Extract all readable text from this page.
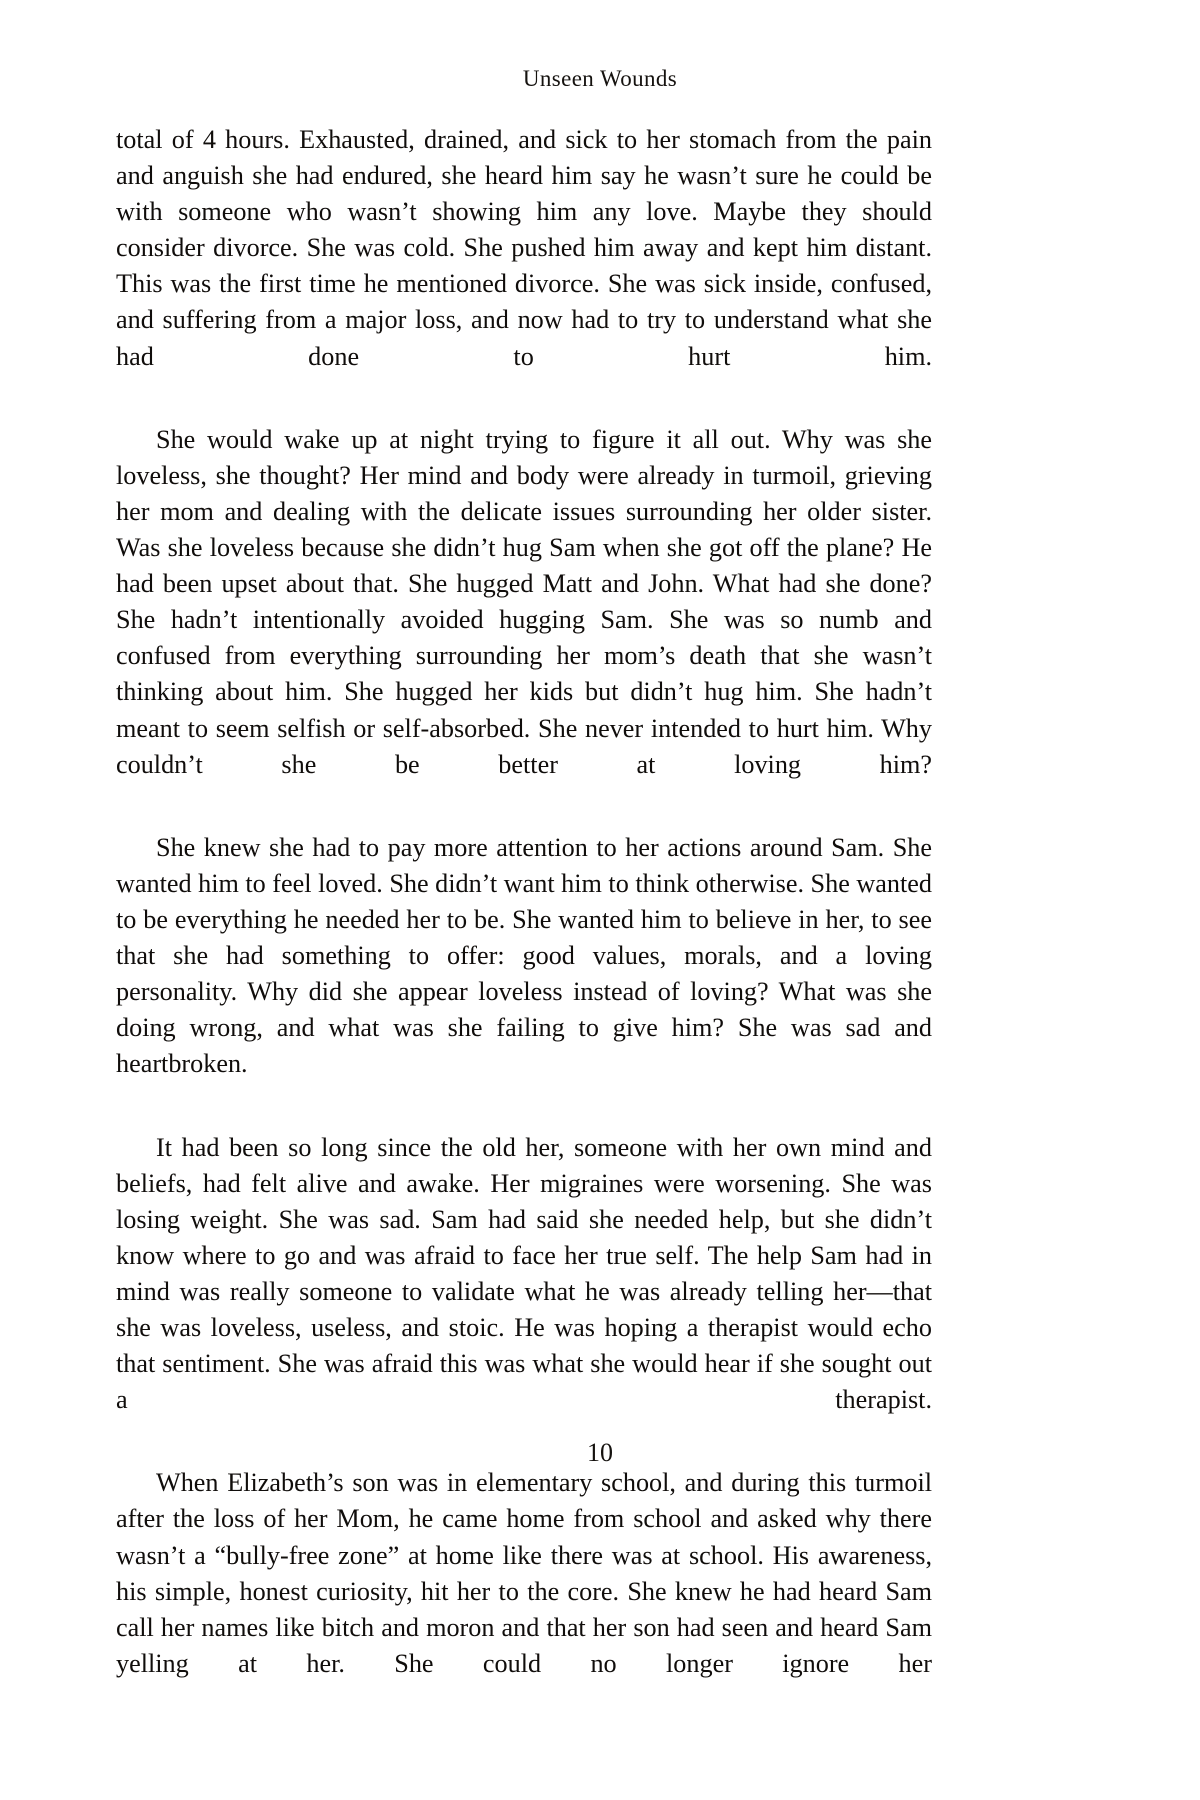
Unseen Wounds

total of 4 hours. Exhausted, drained, and sick to her stomach from the pain and anguish she had endured, she heard him say he wasn’t sure he could be with someone who wasn’t showing him any love. Maybe they should consider divorce. She was cold. She pushed him away and kept him distant. This was the first time he mentioned divorce. She was sick inside, confused, and suffering from a major loss, and now had to try to understand what she had done to hurt him.

She would wake up at night trying to figure it all out. Why was she loveless, she thought? Her mind and body were already in turmoil, grieving her mom and dealing with the delicate issues surrounding her older sister. Was she loveless because she didn’t hug Sam when she got off the plane? He had been upset about that. She hugged Matt and John. What had she done? She hadn’t intentionally avoided hugging Sam. She was so numb and confused from everything surrounding her mom’s death that she wasn’t thinking about him. She hugged her kids but didn’t hug him. She hadn’t meant to seem selfish or self-absorbed. She never intended to hurt him. Why couldn’t she be better at loving him?

She knew she had to pay more attention to her actions around Sam. She wanted him to feel loved. She didn’t want him to think otherwise. She wanted to be everything he needed her to be. She wanted him to believe in her, to see that she had something to offer: good values, morals, and a loving personality. Why did she appear loveless instead of loving? What was she doing wrong, and what was she failing to give him? She was sad and heartbroken.

It had been so long since the old her, someone with her own mind and beliefs, had felt alive and awake. Her migraines were worsening. She was losing weight. She was sad. Sam had said she needed help, but she didn’t know where to go and was afraid to face her true self. The help Sam had in mind was really someone to validate what he was already telling her—that she was loveless, useless, and stoic. He was hoping a therapist would echo that sentiment. She was afraid this was what she would hear if she sought out a therapist.

When Elizabeth’s son was in elementary school, and during this turmoil after the loss of her Mom, he came home from school and asked why there wasn’t a “bully-free zone” at home like there was at school. His awareness, his simple, honest curiosity, hit her to the core. She knew he had heard Sam call her names like bitch and moron and that her son had seen and heard Sam yelling at her. She could no longer ignore her

10
